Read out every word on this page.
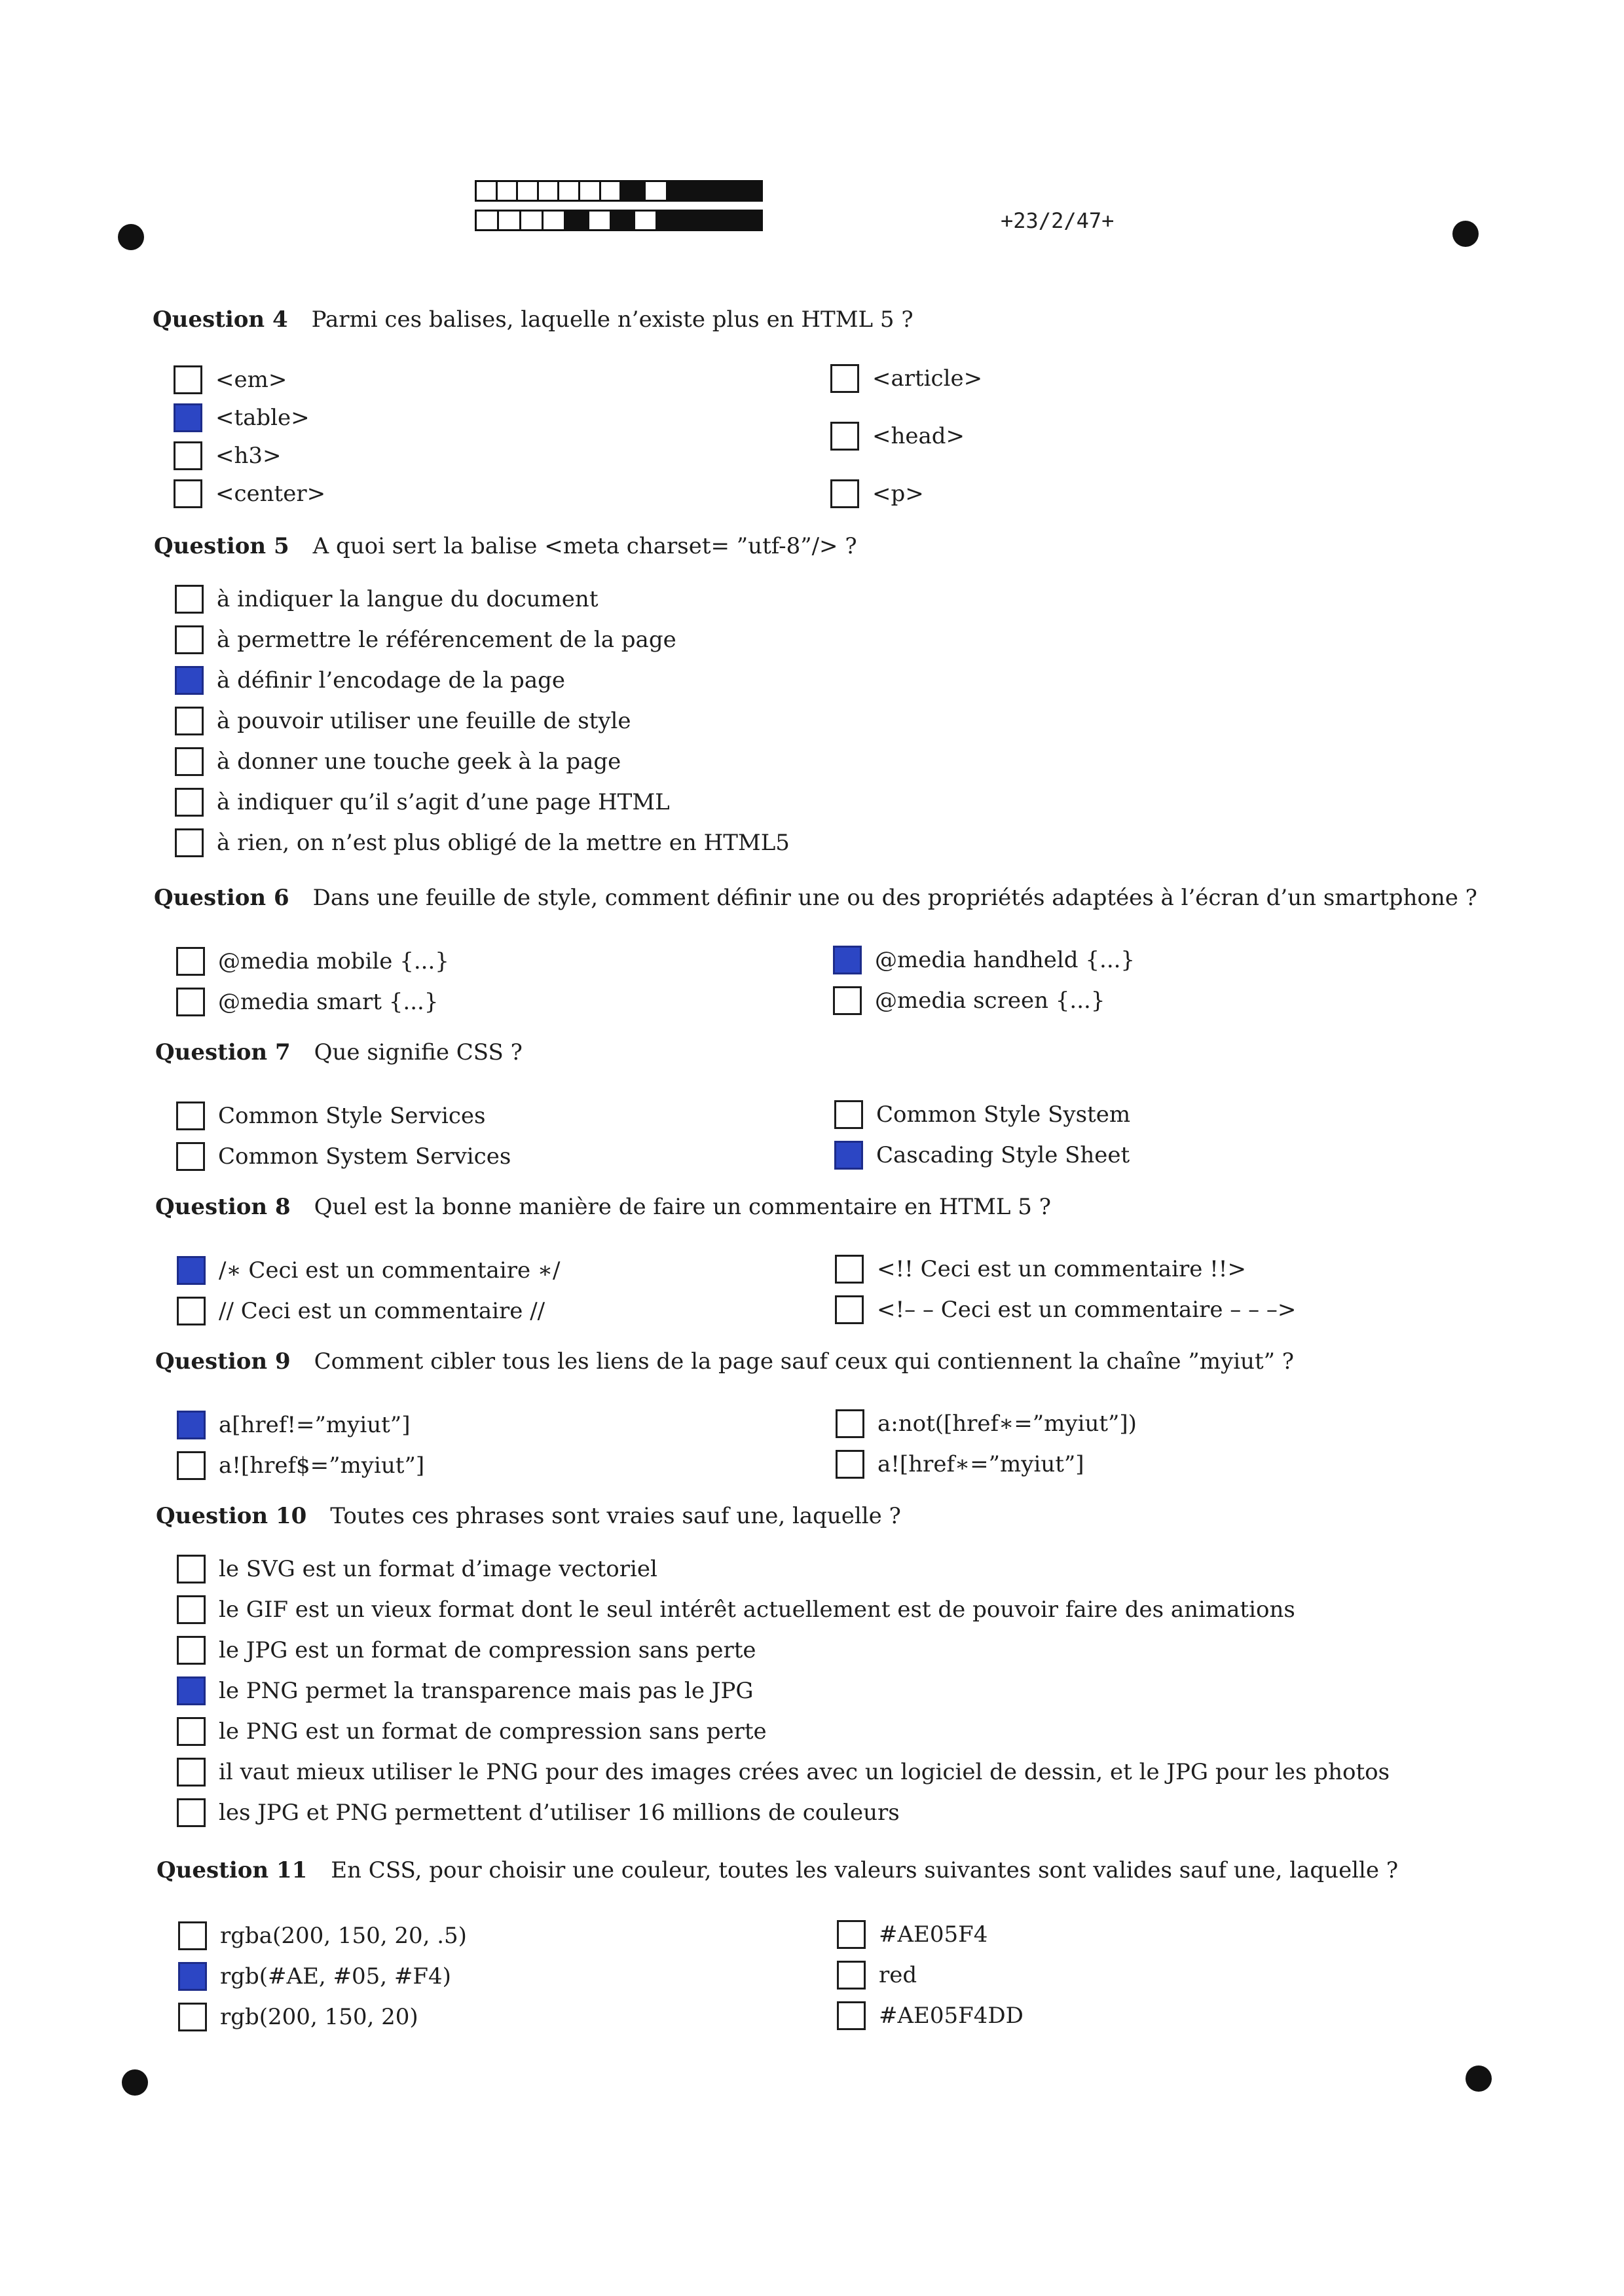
+23/2/47+
Question 4 Parmi ces balises, laquelle n’existe plus en HTML 5 ?
<em>
<table>
<h3>
<center>
<article>
<head>
<p>
Question 5 A quoi sert la balise <meta charset= ”utf-8”/> ?
à indiquer la langue du document
à permettre le référencement de la page
à définir l’encodage de la page
à pouvoir utiliser une feuille de style
à donner une touche geek à la page
à indiquer qu’il s’agit d’une page HTML
à rien, on n’est plus obligé de la mettre en HTML5
Question 6 Dans une feuille de style, comment définir une ou des propriétés adaptées à l’écran d’un smartphone ?
@media mobile {...}
@media smart {...}
@media handheld {...}
@media screen {...}
Question 7 Que signifie CSS ?
Common Style Services
Common System Services
Common Style System
Cascading Style Sheet
Question 8 Quel est la bonne manière de faire un commentaire en HTML 5 ?
/∗ Ceci est un commentaire ∗/
// Ceci est un commentaire //
<!! Ceci est un commentaire !!>
<!– – Ceci est un commentaire – – –>
Question 9 Comment cibler tous les liens de la page sauf ceux qui contiennent la chaîne ”myiut” ?
a[href!=”myiut”]
a![href$=”myiut”]
a:not([href∗=”myiut”])
a![href∗=”myiut”]
Question 10 Toutes ces phrases sont vraies sauf une, laquelle ?
le SVG est un format d’image vectoriel
le GIF est un vieux format dont le seul intérêt actuellement est de pouvoir faire des animations
le JPG est un format de compression sans perte
le PNG permet la transparence mais pas le JPG
le PNG est un format de compression sans perte
il vaut mieux utiliser le PNG pour des images crées avec un logiciel de dessin, et le JPG pour les photos
les JPG et PNG permettent d’utiliser 16 millions de couleurs
Question 11 En CSS, pour choisir une couleur, toutes les valeurs suivantes sont valides sauf une, laquelle ?
rgba(200, 150, 20, .5)
rgb(#AE, #05, #F4)
rgb(200, 150, 20)
#AE05F4
red
#AE05F4DD
